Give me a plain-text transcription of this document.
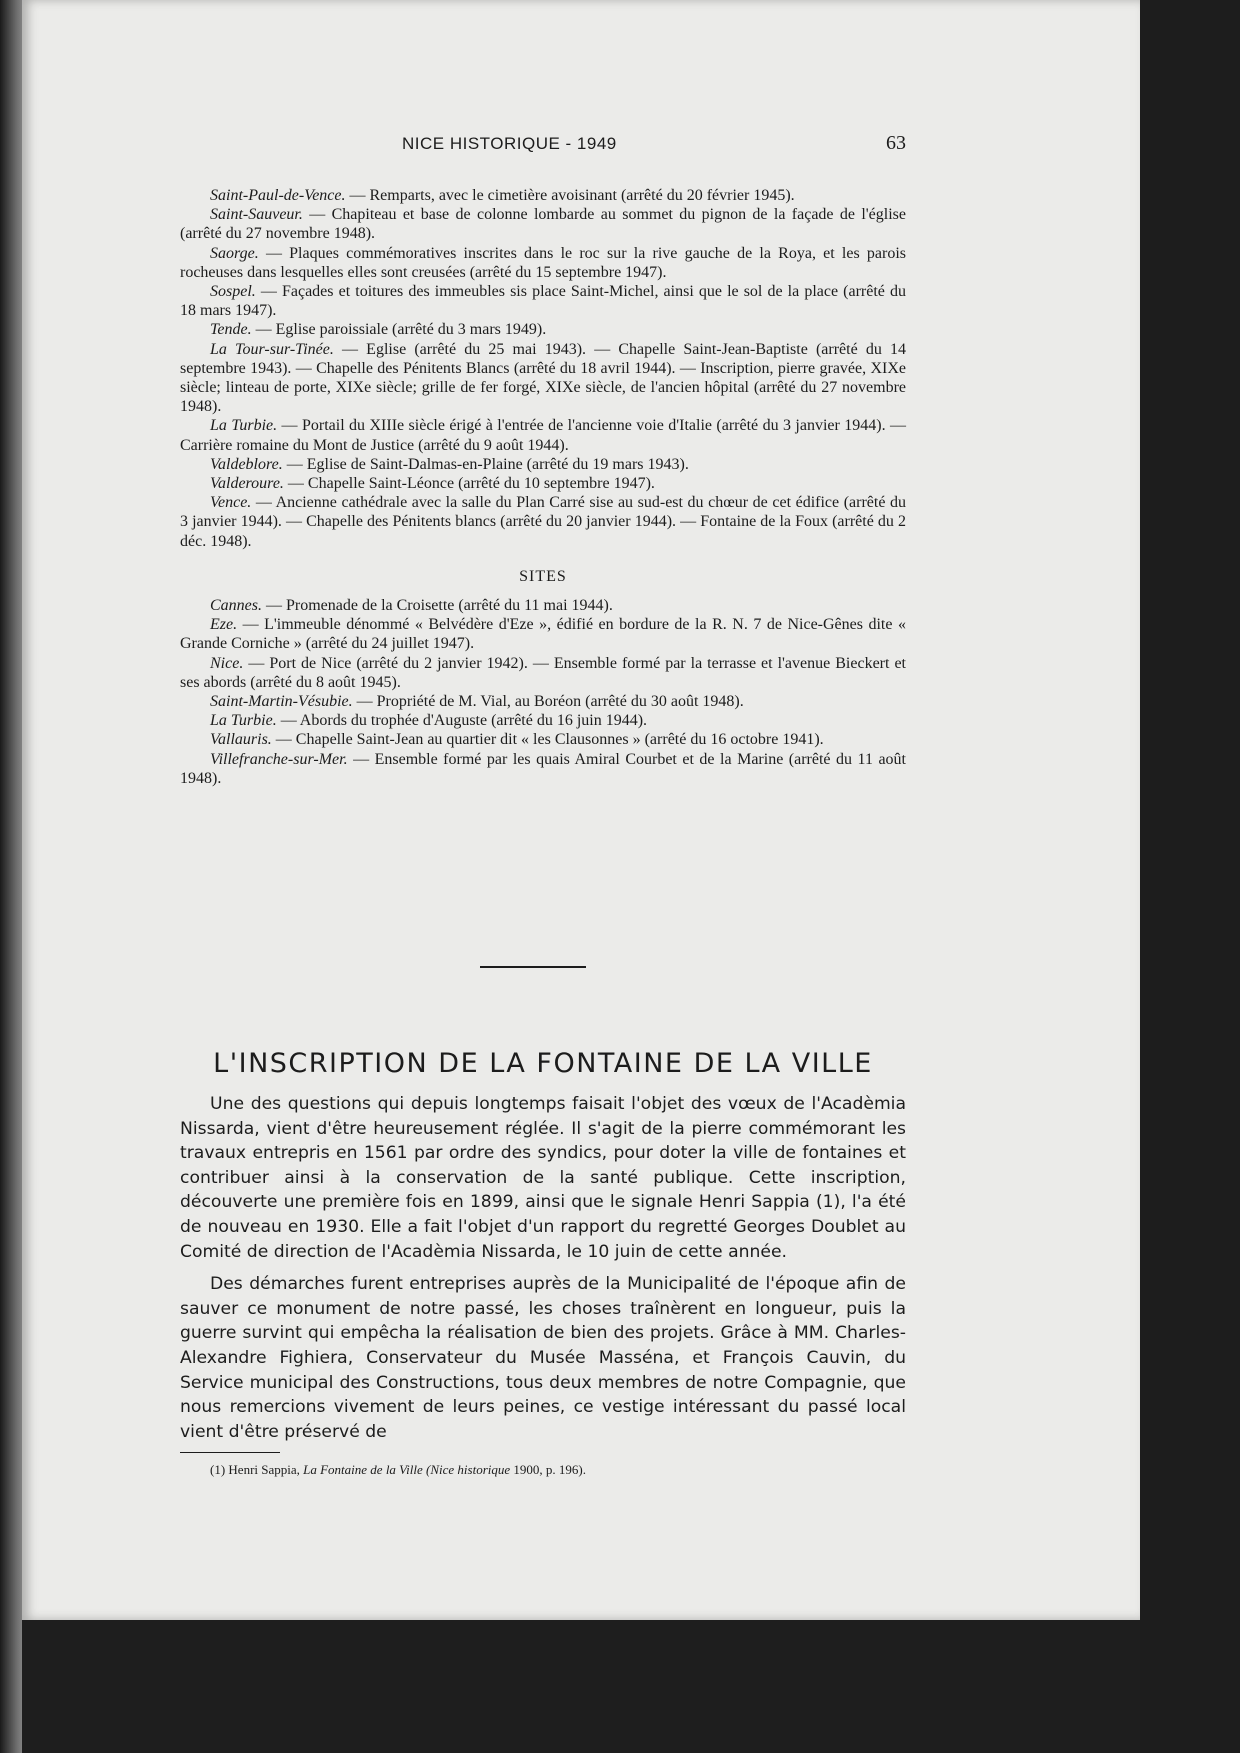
NICE HISTORIQUE - 1949	63

Saint-Paul-de-Vence. — Remparts, avec le cimetière avoisinant (arrêté du 20 février 1945).

Saint-Sauveur. — Chapiteau et base de colonne lombarde au sommet du pignon de la façade de l'église (arrêté du 27 novembre 1948).

Saorge. — Plaques commémoratives inscrites dans le roc sur la rive gauche de la Roya, et les parois rocheuses dans lesquelles elles sont creusées (arrêté du 15 septembre 1947).

Sospel. — Façades et toitures des immeubles sis place Saint-Michel, ainsi que le sol de la place (arrêté du 18 mars 1947).

Tende. — Eglise paroissiale (arrêté du 3 mars 1949).

La Tour-sur-Tinée. — Eglise (arrêté du 25 mai 1943). — Chapelle Saint-Jean-Baptiste (arrêté du 14 septembre 1943). — Chapelle des Pénitents Blancs (arrêté du 18 avril 1944). — Inscription, pierre gravée, XIXe siècle; linteau de porte, XIXe siècle; grille de fer forgé, XIXe siècle, de l'ancien hôpital (arrêté du 27 novembre 1948).

La Turbie. — Portail du XIIIe siècle érigé à l'entrée de l'ancienne voie d'Italie (arrêté du 3 janvier 1944). — Carrière romaine du Mont de Justice (arrêté du 9 août 1944).

Valdeblore. — Eglise de Saint-Dalmas-en-Plaine (arrêté du 19 mars 1943).

Valderoure. — Chapelle Saint-Léonce (arrêté du 10 septembre 1947).

Vence. — Ancienne cathédrale avec la salle du Plan Carré sise au sud-est du chœur de cet édifice (arrêté du 3 janvier 1944). — Chapelle des Pénitents blancs (arrêté du 20 janvier 1944). — Fontaine de la Foux (arrêté du 2 déc. 1948).

SITES

Cannes. — Promenade de la Croisette (arrêté du 11 mai 1944).

Eze. — L'immeuble dénommé « Belvédère d'Eze », édifié en bordure de la R. N. 7 de Nice-Gênes dite « Grande Corniche » (arrêté du 24 juillet 1947).

Nice. — Port de Nice (arrêté du 2 janvier 1942). — Ensemble formé par la terrasse et l'avenue Bieckert et ses abords (arrêté du 8 août 1945).

Saint-Martin-Vésubie. — Propriété de M. Vial, au Boréon (arrêté du 30 août 1948).

La Turbie. — Abords du trophée d'Auguste (arrêté du 16 juin 1944).

Vallauris. — Chapelle Saint-Jean au quartier dit « les Clausonnes » (arrêté du 16 octobre 1941).

Villefranche-sur-Mer. — Ensemble formé par les quais Amiral Courbet et de la Marine (arrêté du 11 août 1948).

L'INSCRIPTION DE LA FONTAINE DE LA VILLE

Une des questions qui depuis longtemps faisait l'objet des vœux de l'Acadèmia Nissarda, vient d'être heureusement réglée. Il s'agit de la pierre commémorant les travaux entrepris en 1561 par ordre des syndics, pour doter la ville de fontaines et contribuer ainsi à la conservation de la santé publique. Cette inscription, découverte une première fois en 1899, ainsi que le signale Henri Sappia (1), l'a été de nouveau en 1930. Elle a fait l'objet d'un rapport du regretté Georges Doublet au Comité de direction de l'Acadèmia Nissarda, le 10 juin de cette année.

Des démarches furent entreprises auprès de la Municipalité de l'époque afin de sauver ce monument de notre passé, les choses traînèrent en longueur, puis la guerre survint qui empêcha la réalisation de bien des projets. Grâce à MM. Charles-Alexandre Fighiera, Conservateur du Musée Masséna, et François Cauvin, du Service municipal des Constructions, tous deux membres de notre Compagnie, que nous remercions vivement de leurs peines, ce vestige intéressant du passé local vient d'être préservé de

(1) Henri Sappia, La Fontaine de la Ville (Nice historique 1900, p. 196).
